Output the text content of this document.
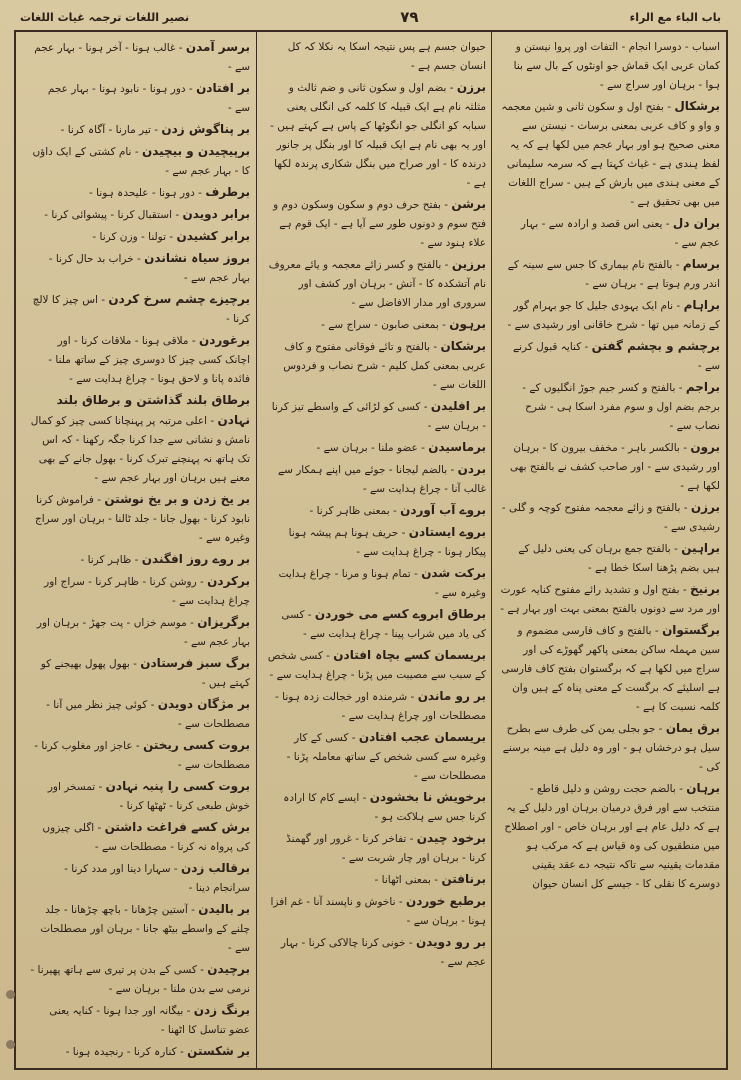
باب الباء مع الراء
٧٩
نصیر اللغات ترجمہ غیاث اللغات

اسباب - دوسرا انجام - التفات اور پروا نیستن و کمان عربی ایک قماش جو اونٹوں کے بال سے بنا ہوا - برہان اور سراج سے -

برشکال - بفتح اول و سکون ثانی و شین معجمہ و واو و کاف عربی بمعنی برسات - نیستن سے معنی صحیح ہو اور بہار عجم میں لکھا ہے کہ یہ لفظ ہندی ہے - غیاث کہتا ہے کہ سرمہ سلیمانی کے معنی ہندی میں بارش کے ہیں - سراج اللغات میں بھی تحقیق ہے -

بران دل - یعنی اس قصد و ارادہ سے - بہار عجم سے -

برسام - بالفتح نام بیماری کا جس سے سینہ کے اندر ورم ہوتا ہے - برہان سے -

براہام - نام ایک یہودی جلیل کا جو بہرام گور کے زمانہ میں تھا - شرح خاقانی اور رشیدی سے -

برچشم و بچشم گفتن - کنایہ قبول کرنے سے -

براجم - بالفتح و کسر جیم جوڑ انگلیوں کے - برجم بضم اول و سوم مفرد اسکا ہی - شرح نصاب سے -

برون - بالکسر باہر - مخفف بیرون کا - برہان اور رشیدی سے - اور صاحب کشف نے بالفتح بھی لکھا ہے -

برزن - بالفتح و زائے معجمہ مفتوح کوچہ و گلی - رشیدی سے -

براہین - بالفتح جمع برہان کی یعنی دلیل کے ہیں بضم پڑھنا اسکا خطا ہے -

برنیخ - بفتح اول و تشدید رائے مفتوح کنایہ عورت اور مرد سے دونوں بالفتح بمعنی بہت اور بہار ہے -

برگستوان - بالفتح و کاف فارسی مضموم و سین مہملہ ساکن بمعنی پاکھر گھوڑے کی اور سراج میں لکھا ہے کہ برگستوان بفتح کاف فارسی ہے اسلیئے کہ برگست کے معنی پناہ کے ہیں وان کلمہ نسبت کا ہے -

برق یمان - جو بجلی یمن کی طرف سے بطرح سیل ہو درخشاں ہو - اور وہ دلیل ہے مینہ برسنے کی -

برہان - بالضم حجت روشن و دلیل قاطع - منتخب سے اور فرق درمیان برہان اور دلیل کے یہ ہے کہ دلیل عام ہے اور برہان خاص - اور اصطلاح میں منطقیوں کی وہ قیاس ہے کہ مرکب ہو مقدمات یقینیہ سے تاکہ نتیجہ دے عقد یقینی دوسرے کا نقلی کا - جیسے کل انسان حیوان

حیوان جسم ہے پس نتیجہ اسکا یہ نکلا کہ کل انسان جسم ہے -

برزن - بضم اول و سکون ثانی و ضم ثالث و مثلثہ نام ہے ایک قبیلہ کا کلمہ کی انگلی یعنی سبابہ کو انگلی جو انگوٹھا کے پاس ہے کہتے ہیں - اور یہ بھی نام ہے ایک قبیلہ کا اور بنگل پر جانور درندہ کا - اور صراح میں بنگل شکاری پرندہ لکھا ہے -

برشن - بفتح حرف دوم و سکون وسکون دوم و فتح سوم و دونوں طور سے آیا ہے - ایک قوم ہے علاء ہنود سے -

برزین - بالفتح و کسر زائے معجمہ و یائے معروف نام آتشکدہ کا - آتش - برہان اور کشف اور سروری اور مدار الافاضل سے -

برہون - بمعنی صابون - سراج سے -

برشکان - بالفتح و تائے فوقانی مفتوح و کاف عربی بمعنی کمل کلیم - شرح نصاب و فردوس اللغات سے -

بر افلیدن - کسی کو لڑائی کے واسطے تیز کرنا - برہان سے -

برماسیدن - عضو ملنا - برہان سے -

بردن - بالضم لیجانا - جوئے میں اپنے ہمکار سے غالب آنا - چراغ ہدایت سے -

بروے آب آوردن - بمعنی ظاہر کرنا -

بروے ایستادن - حریف ہونا ہم پیشہ ہونا پیکار ہونا - چراغ ہدایت سے -

برکت شدن - تمام ہونا و مرنا - چراغ ہدایت وغیرہ سے -

برطاق ابروے کسے می خوردن - کسی کی یاد میں شراب پینا - چراغ ہدایت سے -

بریسمان کسے بچاہ افتادن - کسی شخص کے سبب سے مصیبت میں پڑنا - چراغ ہدایت سے -

بر رو ماندن - شرمندہ اور خجالت زدہ ہونا - مصطلحات اور چراغ ہدایت سے -

بریسمان عجب افتادن - کسی کے کار وغیرہ سے کسی شخص کے ساتھ معاملہ پڑنا - مصطلحات سے -

برخویش نا بخشودن - ایسے کام کا ارادہ کرنا جس سے ہلاکت ہو -

برخود چیدن - تفاخر کرنا - غرور اور گھمنڈ کرنا - برہان اور چار شربت سے -

برنافتن - بمعنی اٹھانا -

برطبع خوردن - ناخوش و ناپسند آنا - غم افزا ہونا - برہان سے -

بر رو دویدن - خونی کرنا چالاکی کرنا - بہار عجم سے -

برسر آمدن - غالب ہونا - آخر ہونا - بہار عجم سے -

بر افتادن - دور ہونا - نابود ہونا - بہار عجم سے -

بر پناگوش زدن - تیر مارنا - آگاہ کرنا -

برپیچیدن و بیچیدن - نام کشتی کے ایک داؤں کا - بہار عجم سے -

برطرف - دور ہونا - علیحدہ ہونا -

برابر دویدن - استقبال کرنا - پیشوائی کرنا -

برابر کشیدن - تولنا - وزن کرنا -

بروز سیاہ نشاندن - خراب بد حال کرنا - بہار عجم سے -

برچیزے چشم سرخ کردن - اس چیز کا لالچ کرنا -

برغوردن - ملاقی ہونا - ملاقات کرنا - اور اچانک کسی چیز کا دوسری چیز کے ساتھ ملنا - فائدہ پانا و لاحق ہونا - چراغ ہدایت سے -

برطاق بلند گذاشتن و برطاق بلند نہادن - اعلی مرتبہ پر پہنچانا کسی چیز کو کمال نامش و نشانی سے جدا کرنا جگہ رکھنا - کہ اس تک ہاتھ نہ پہنچنے تبرک کرنا - بھول جانے کے بھی معنے ہیں برہان اور بہار عجم سے -

بر یخ زدن و بر یخ نوشتن - فراموش کرنا نابود کرنا - بھول جانا - جلد ٹالنا - برہان اور سراج وغیرہ سے -

بر روے روز افگندن - ظاہر کرنا -

برکردن - روشن کرنا - ظاہر کرنا - سراج اور چراغ ہدایت سے -

برگریزان - موسم خزاں - پت جھڑ - برہان اور بہار عجم سے -

برگ سبز فرستادن - بھول پھول بھیجنے کو کہتے ہیں -

بر مژگان دویدن - کوئی چیز نظر میں آنا - مصطلحات سے -

بروت کسی ریختن - عاجز اور مغلوب کرنا - مصطلحات سے -

بروت کسی را پنبہ نہادن - تمسخر اور خوش طبعی کرنا - ٹھٹھا کرنا -

برش کسے فراغت داشتن - اگلی چیزوں کی پرواہ نہ کرنا - مصطلحات سے -

برقالب زدن - سہارا دینا اور مدد کرنا - سرانجام دینا -

بر بالیدن - آستین چڑھانا - باچھ چڑھانا - جلد چلنے کے واسطے بیٹھ جانا - برہان اور مصطلحات سے -

برچیدن - کسی کے بدن پر تیری سے ہاتھ پھیرنا - نرمی سے بدن ملنا - برہان سے -

برنگ زدن - بیگانہ اور جدا ہونا - کنایہ یعنی عضو تناسل کا اٹھنا -

بر شکستن - کنارہ کرنا - رنجیدہ ہونا -
